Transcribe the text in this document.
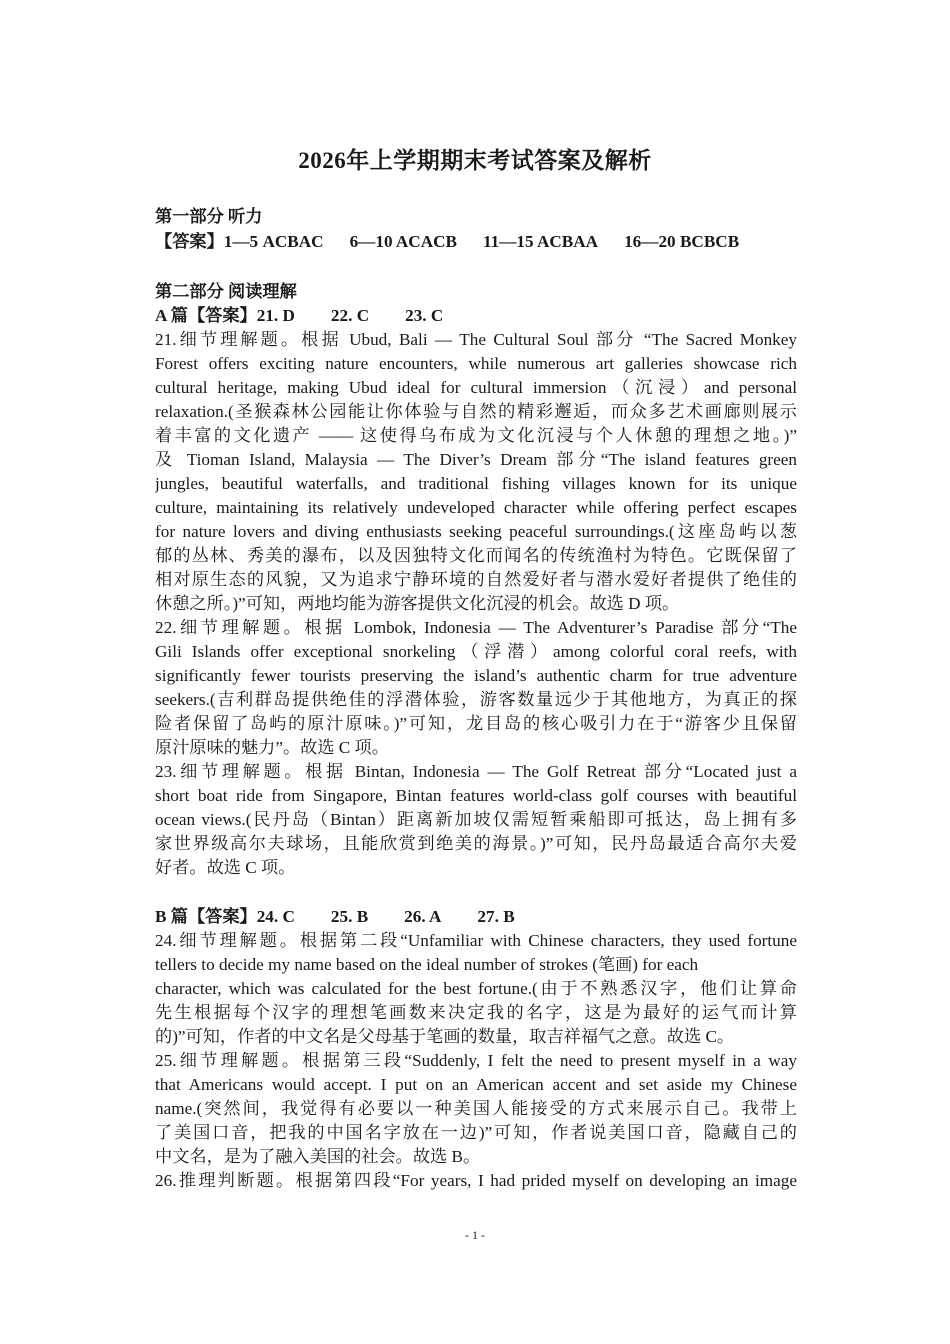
2026年上学期期末考试答案及解析
第一部分 听力
【答案】1—5 ACBAC 6—10 ACACB 11—15 ACBAA 16—20 BCBCB
第二部分 阅读理解
A 篇【答案】21. D 22. C 23. C
21.细节理解题。根据 Ubud, Bali — The Cultural Soul 部分 “The Sacred Monkey
Forest offers exciting nature encounters, while numerous art galleries showcase rich
cultural heritage, making Ubud ideal for cultural immersion（沉浸）and personal
relaxation.(圣猴森林公园能让你体验与自然的精彩邂逅，而众多艺术画廊则展示
着丰富的文化遗产 —— 这使得乌布成为文化沉浸与个人休憩的理想之地。)”
及 Tioman Island, Malaysia — The Diver’s Dream 部分“The island features green
jungles, beautiful waterfalls, and traditional fishing villages known for its unique
culture, maintaining its relatively undeveloped character while offering perfect escapes
for nature lovers and diving enthusiasts seeking peaceful surroundings.(这座岛屿以葱
郁的丛林、秀美的瀑布，以及因独特文化而闻名的传统渔村为特色。它既保留了
相对原生态的风貌，又为追求宁静环境的自然爱好者与潜水爱好者提供了绝佳的
休憩之所。)”可知，两地均能为游客提供文化沉浸的机会。故选 D 项。
22.细节理解题。根据 Lombok, Indonesia — The Adventurer’s Paradise 部分“The
Gili Islands offer exceptional snorkeling（浮潜）among colorful coral reefs, with
significantly fewer tourists preserving the island’s authentic charm for true adventure
seekers.(吉利群岛提供绝佳的浮潜体验，游客数量远少于其他地方，为真正的探
险者保留了岛屿的原汁原味。)”可知，龙目岛的核心吸引力在于“游客少且保留
原汁原味的魅力”。故选 C 项。
23.细节理解题。根据 Bintan, Indonesia — The Golf Retreat 部分“Located just a
short boat ride from Singapore, Bintan features world-class golf courses with beautiful
ocean views.(民丹岛（Bintan）距离新加坡仅需短暂乘船即可抵达，岛上拥有多
家世界级高尔夫球场，且能欣赏到绝美的海景。)”可知，民丹岛最适合高尔夫爱
好者。故选 C 项。
B 篇【答案】24. C 25. B 26. A 27. B
24.细节理解题。根据第二段“Unfamiliar with Chinese characters, they used fortune
tellers to decide my name based on the ideal number of strokes (笔画) for each
character, which was calculated for the best fortune.(由于不熟悉汉字，他们让算命
先生根据每个汉字的理想笔画数来决定我的名字，这是为最好的运气而计算
的)”可知，作者的中文名是父母基于笔画的数量，取吉祥福气之意。故选 C。
25.细节理解题。根据第三段“Suddenly, I felt the need to present myself in a way
that Americans would accept. I put on an American accent and set aside my Chinese
name.(突然间，我觉得有必要以一种美国人能接受的方式来展示自己。我带上
了美国口音，把我的中国名字放在一边)”可知，作者说美国口音，隐藏自己的
中文名，是为了融入美国的社会。故选 B。
26.推理判断题。根据第四段“For years, I had prided myself on developing an image
- 1 -
